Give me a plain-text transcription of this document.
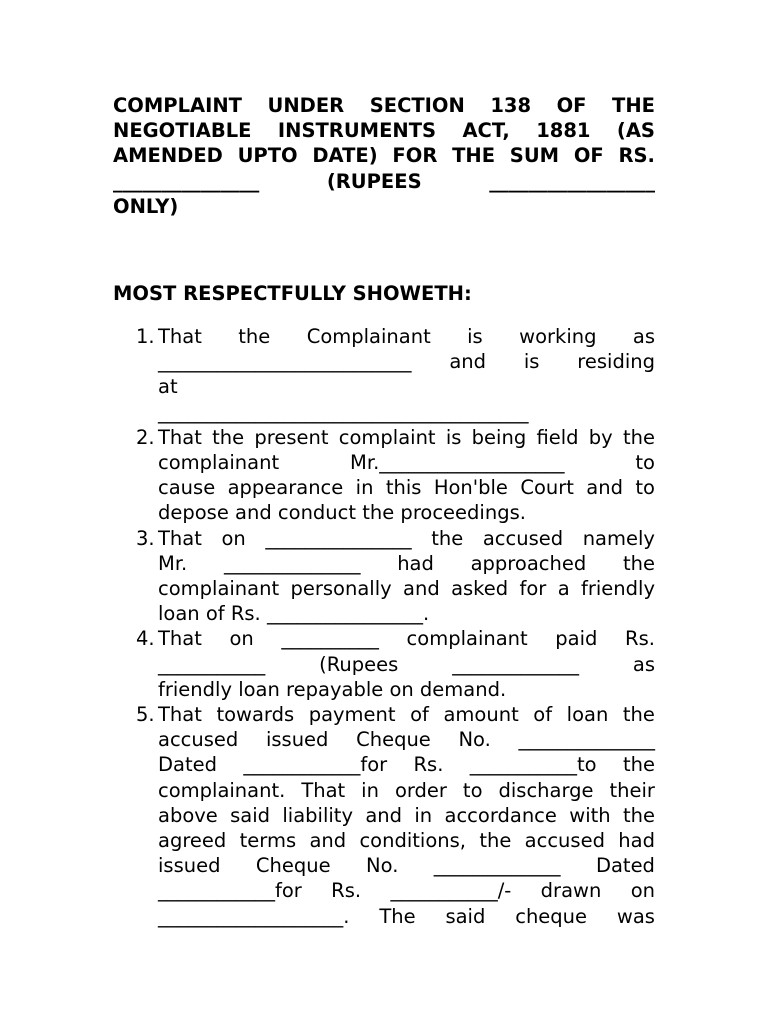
COMPLAINT UNDER SECTION 138 OF THE
NEGOTIABLE INSTRUMENTS ACT, 1881 (AS
AMENDED UPTO DATE) FOR THE SUM OF RS.
_______________	(RUPEES	_________________
ONLY)
MOST RESPECTFULLY SHOWETH:
1. That the Complainant is working as
__________________________ and is residing
at
______________________________________
2. That the present complaint is being field by the
complainant	Mr.___________________	to
cause appearance in this Hon'ble Court and to
depose and conduct the proceedings.
3. That on _______________ the accused namely
Mr. ______________ had approached the
complainant personally and asked for a friendly
loan of Rs. ________________.
4. That on __________ complainant paid Rs.
___________	(Rupees	_____________	as
friendly loan repayable on demand.
5. That towards payment of amount of loan the
accused issued Cheque No. ______________
Dated ____________for Rs. ___________to the
complainant. That in order to discharge their
above said liability and in accordance with the
agreed terms and conditions, the accused had
issued Cheque No. _____________ Dated
____________for Rs. ___________/- drawn on
___________________. The said cheque was
